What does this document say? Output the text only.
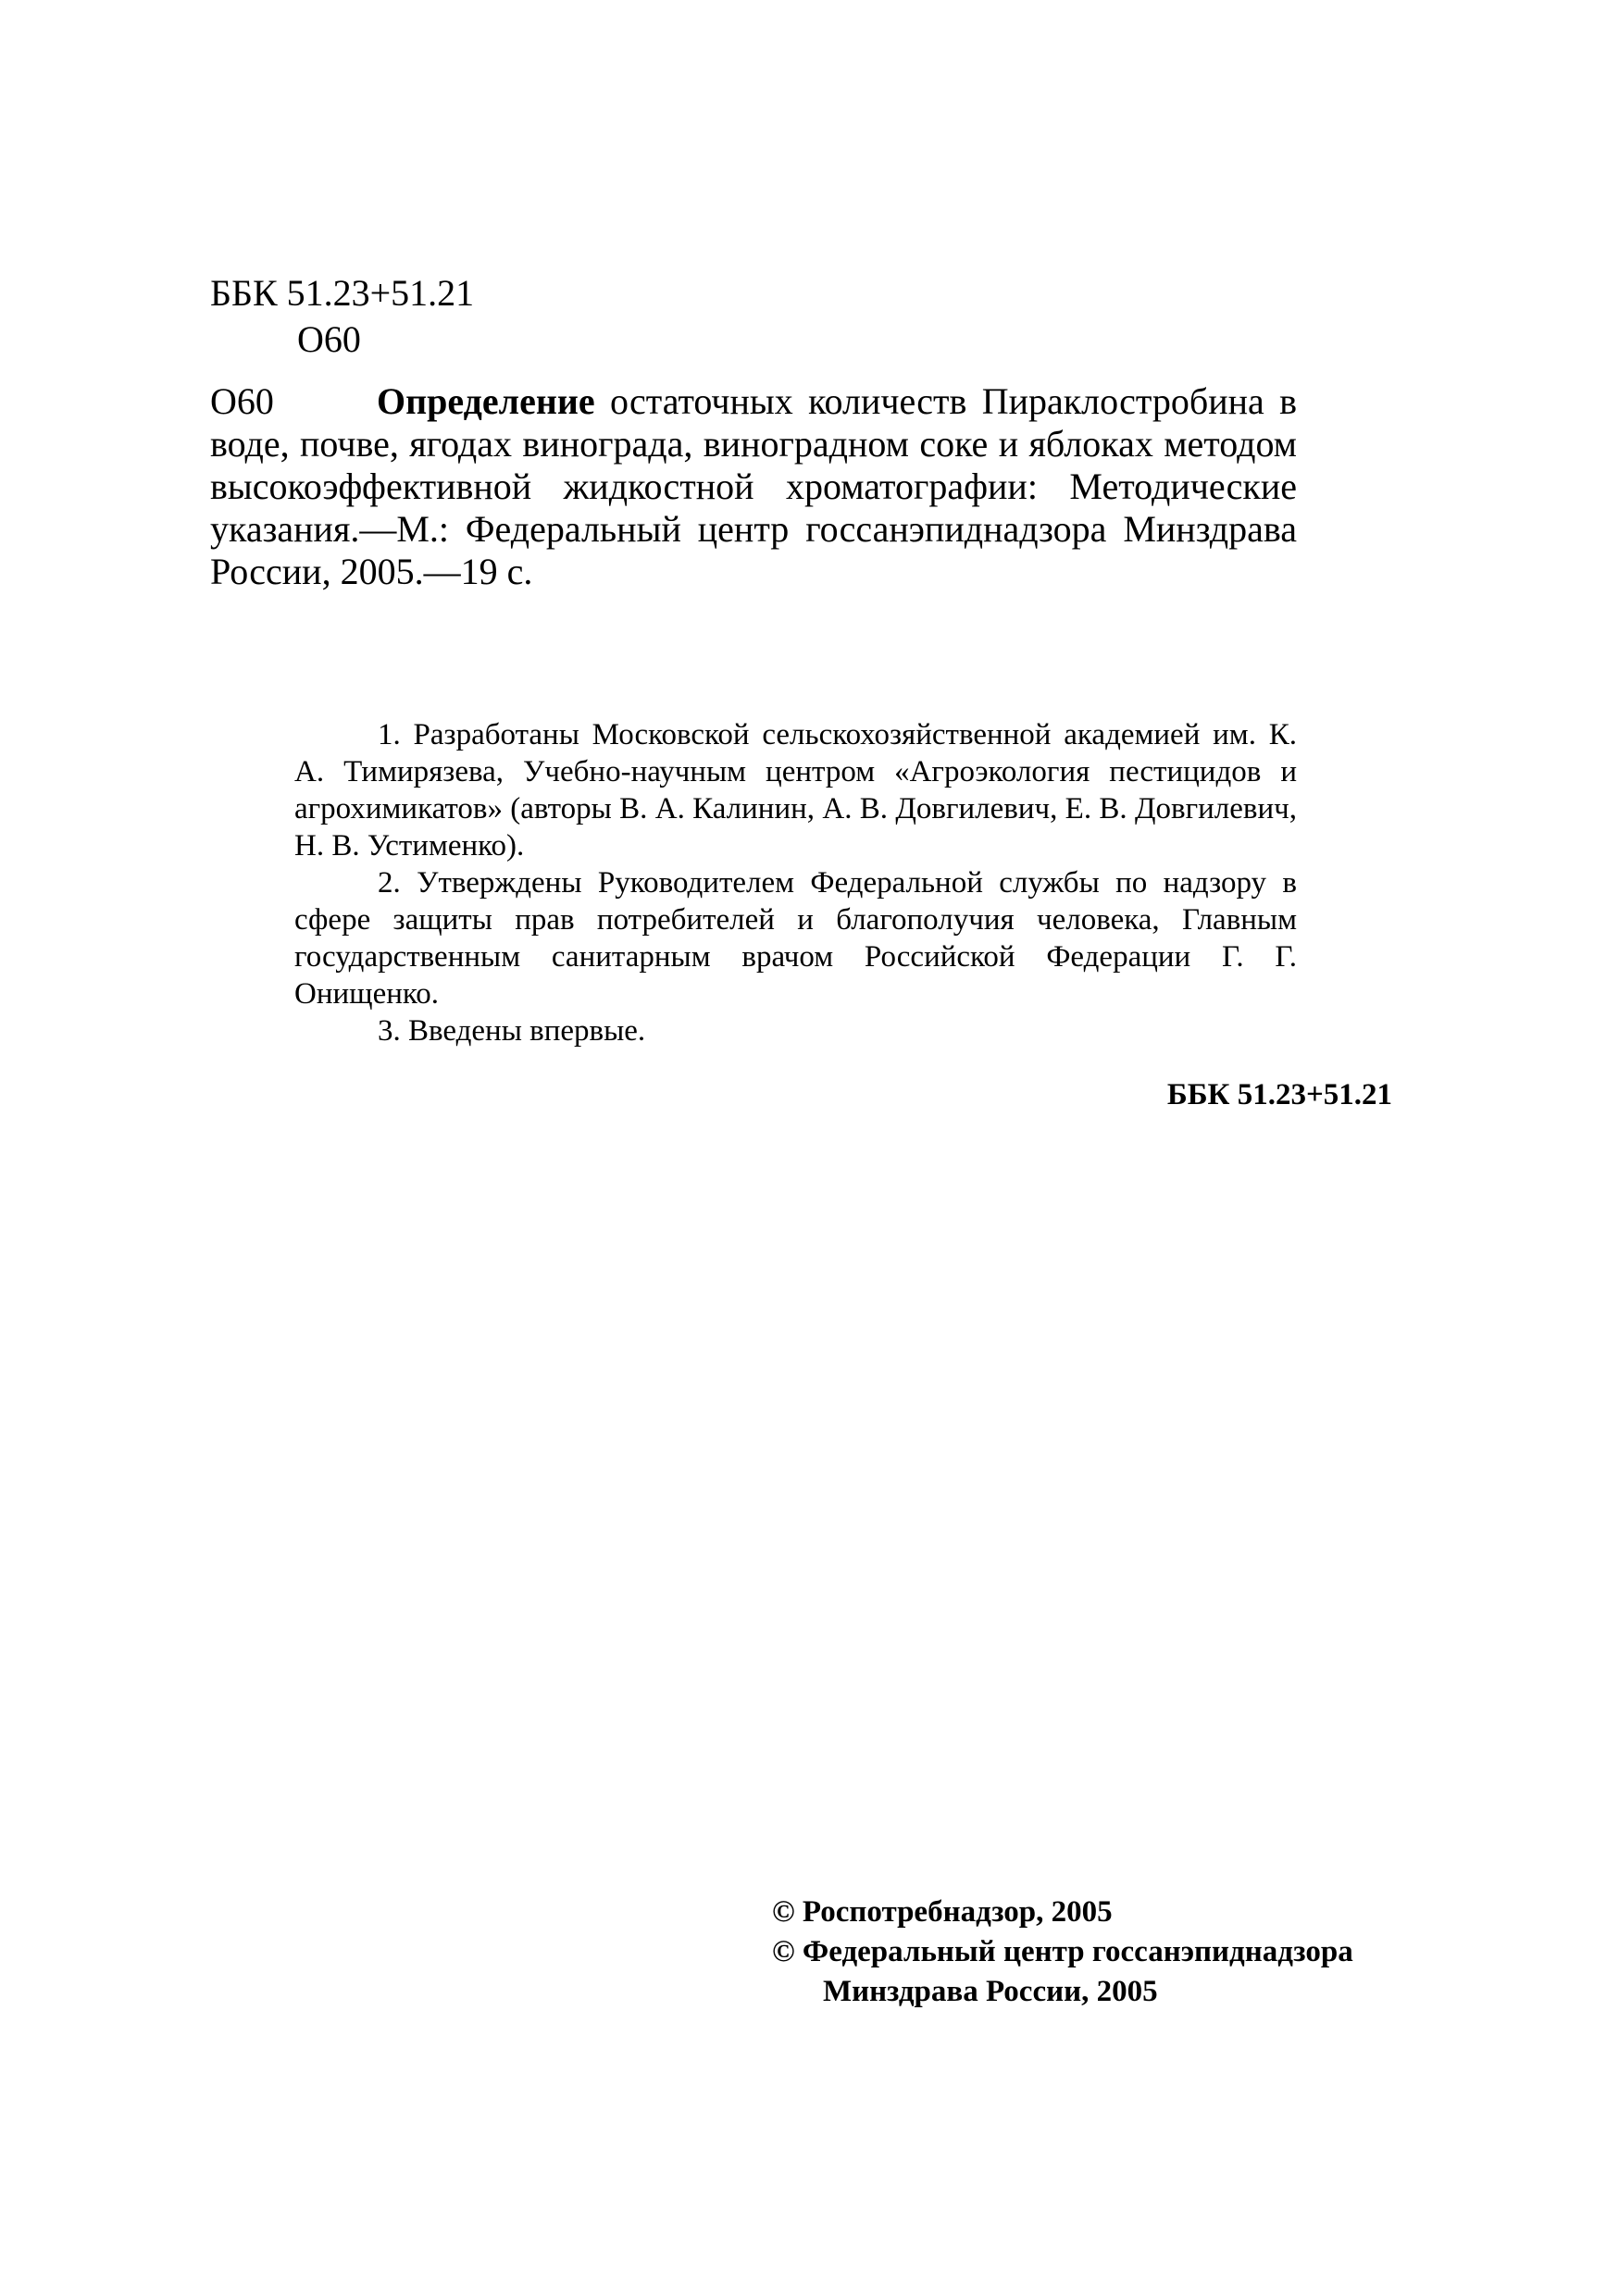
ББК 51.23+51.21
О60
О60	Определение остаточных количеств Пираклостробина в воде, почве, ягодах винограда, виноградном соке и яблоках методом высокоэффективной жидкостной хроматографии: Методические указания.—М.: Федеральный центр госсанэпиднадзора Минздрава России, 2005.—19 с.

1. Разработаны Московской сельскохозяйственной академией им. К. А. Тимирязева, Учебно-научным центром «Агроэкология пестицидов и агрохимикатов» (авторы В. А. Калинин, А. В. Довгилевич, Е. В. Довгилевич, Н. В. Устименко).

2. Утверждены Руководителем Федеральной службы по надзору в сфере защиты прав потребителей и благополучия человека, Главным государственным санитарным врачом Российской Федерации Г. Г. Онищенко.

3. Введены впервые.

ББК 51.23+51.21
© Роспотребнадзор, 2005
© Федеральный центр госсанэпиднадзора

Минздрава России, 2005
